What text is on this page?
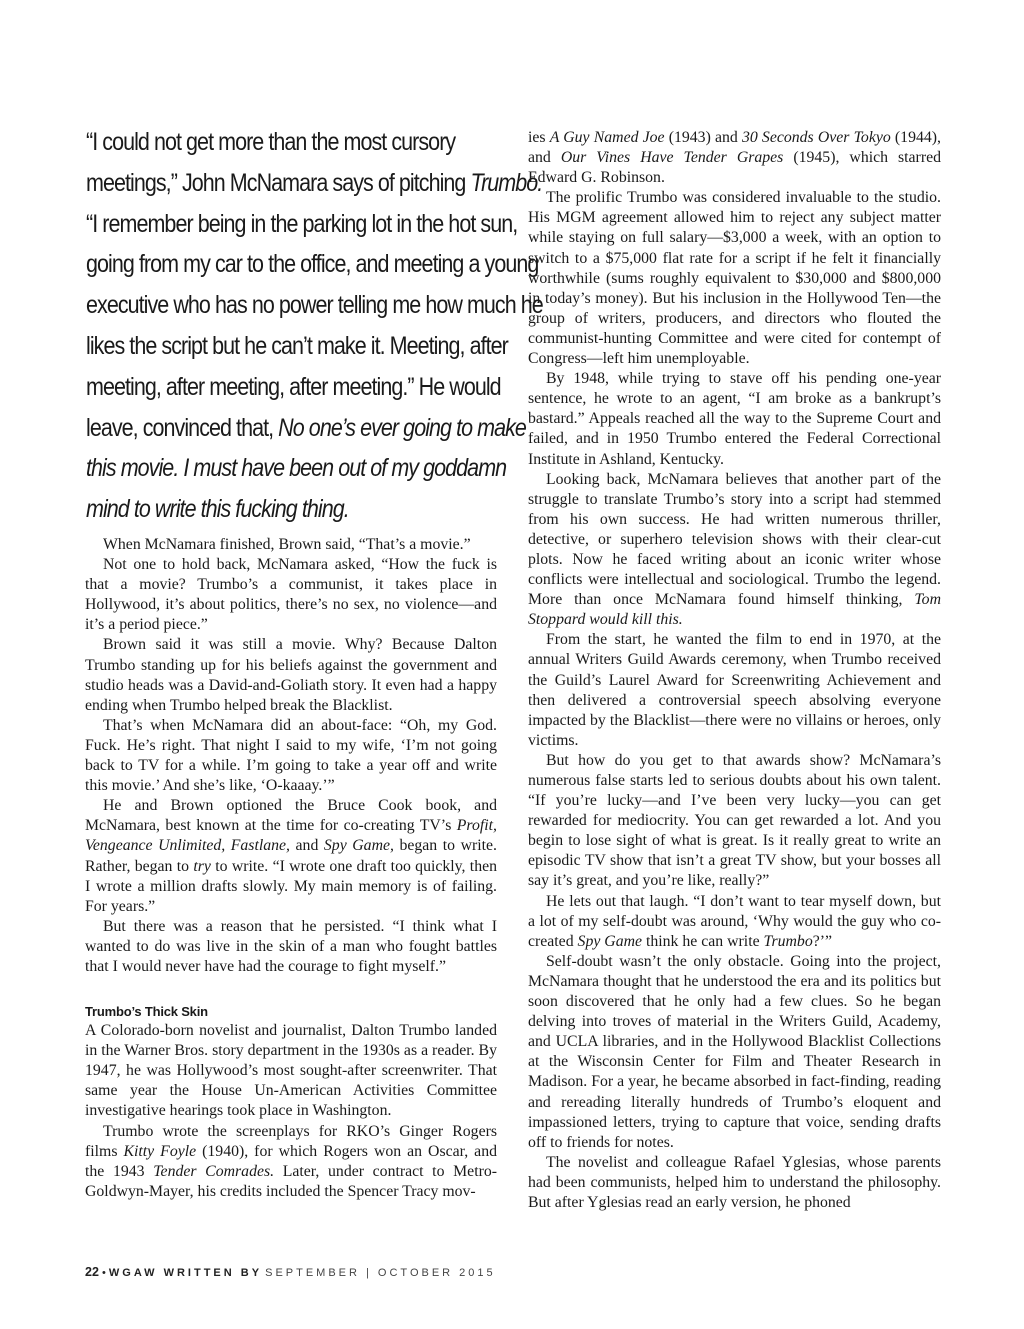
“I could not get more than the most cursory
meetings,” John McNamara says of pitching Trumbo.
“I remember being in the parking lot in the hot sun,
going from my car to the office, and meeting a young
executive who has no power telling me how much he
likes the script but he can’t make it. Meeting, after
meeting, after meeting, after meeting.” He would
leave, convinced that, No one’s ever going to make
this movie. I must have been out of my goddamn
mind to write this fucking thing.

When McNamara finished, Brown said, “That’s a movie.”

Not one to hold back, McNamara asked, “How the fuck is that a movie? Trumbo’s a communist, it takes place in Hollywood, it’s about politics, there’s no sex, no violence—and it’s a period piece.”

Brown said it was still a movie. Why? Because Dalton Trumbo standing up for his beliefs against the government and studio heads was a David-and-Goliath story. It even had a happy ending when Trumbo helped break the Blacklist.

That’s when McNamara did an about-face: “Oh, my God. Fuck. He’s right. That night I said to my wife, ‘I’m not going back to TV for a while. I’m going to take a year off and write this movie.’ And she’s like, ‘O-kaaay.’”

He and Brown optioned the Bruce Cook book, and McNamara, best known at the time for co-creating TV’s Profit, Vengeance Unlimited, Fastlane, and Spy Game, began to write. Rather, began to try to write. “I wrote one draft too quickly, then I wrote a million drafts slowly. My main memory is of failing. For years.”

But there was a reason that he persisted. “I think what I wanted to do was live in the skin of a man who fought battles that I would never have had the courage to fight myself.”

Trumbo’s Thick Skin

A Colorado-born novelist and journalist, Dalton Trumbo landed in the Warner Bros. story department in the 1930s as a reader. By 1947, he was Hollywood’s most sought-after screenwriter. That same year the House Un-American Activities Committee investigative hearings took place in Washington.

Trumbo wrote the screenplays for RKO’s Ginger Rogers films Kitty Foyle (1940), for which Rogers won an Oscar, and the 1943 Tender Comrades. Later, under contract to Metro-Goldwyn-Mayer, his credits included the Spencer Tracy mov-

ies A Guy Named Joe (1943) and 30 Seconds Over Tokyo (1944), and Our Vines Have Tender Grapes (1945), which starred Edward G. Robinson.

The prolific Trumbo was considered invaluable to the studio. His MGM agreement allowed him to reject any subject matter while staying on full salary—$3,000 a week, with an option to switch to a $75,000 flat rate for a script if he felt it financially worthwhile (sums roughly equivalent to $30,000 and $800,000 in today’s money). But his inclusion in the Hollywood Ten—the group of writers, producers, and directors who flouted the communist-hunting Committee and were cited for contempt of Congress—left him unemployable.

By 1948, while trying to stave off his pending one-year sentence, he wrote to an agent, “I am broke as a bankrupt’s bastard.” Appeals reached all the way to the Supreme Court and failed, and in 1950 Trumbo entered the Federal Correctional Institute in Ashland, Kentucky.

Looking back, McNamara believes that another part of the struggle to translate Trumbo’s story into a script had stemmed from his own success. He had written numerous thriller, detective, or superhero television shows with their clear-cut plots. Now he faced writing about an iconic writer whose conflicts were intellectual and sociological. Trumbo the legend. More than once McNamara found himself thinking, Tom Stoppard would kill this.

From the start, he wanted the film to end in 1970, at the annual Writers Guild Awards ceremony, when Trumbo received the Guild’s Laurel Award for Screenwriting Achievement and then delivered a controversial speech absolving everyone impacted by the Blacklist—there were no villains or heroes, only victims.

But how do you get to that awards show? McNamara’s numerous false starts led to serious doubts about his own talent. “If you’re lucky—and I’ve been very lucky—you can get rewarded for mediocrity. You can get rewarded a lot. And you begin to lose sight of what is great. Is it really great to write an episodic TV show that isn’t a great TV show, but your bosses all say it’s great, and you’re like, really?”

He lets out that laugh. “I don’t want to tear myself down, but a lot of my self-doubt was around, ‘Why would the guy who co-created Spy Game think he can write Trumbo?’”

Self-doubt wasn’t the only obstacle. Going into the project, McNamara thought that he understood the era and its politics but soon discovered that he only had a few clues. So he began delving into troves of material in the Writers Guild, Academy, and UCLA libraries, and in the Hollywood Blacklist Collections at the Wisconsin Center for Film and Theater Research in Madison. For a year, he became absorbed in fact-finding, reading and rereading literally hundreds of Trumbo’s eloquent and impassioned letters, trying to capture that voice, sending drafts off to friends for notes.

The novelist and colleague Rafael Yglesias, whose parents had been communists, helped him to understand the philosophy. But after Yglesias read an early version, he phoned

22 • WGAW WRITTEN BY SEPTEMBER | OCTOBER 2015
